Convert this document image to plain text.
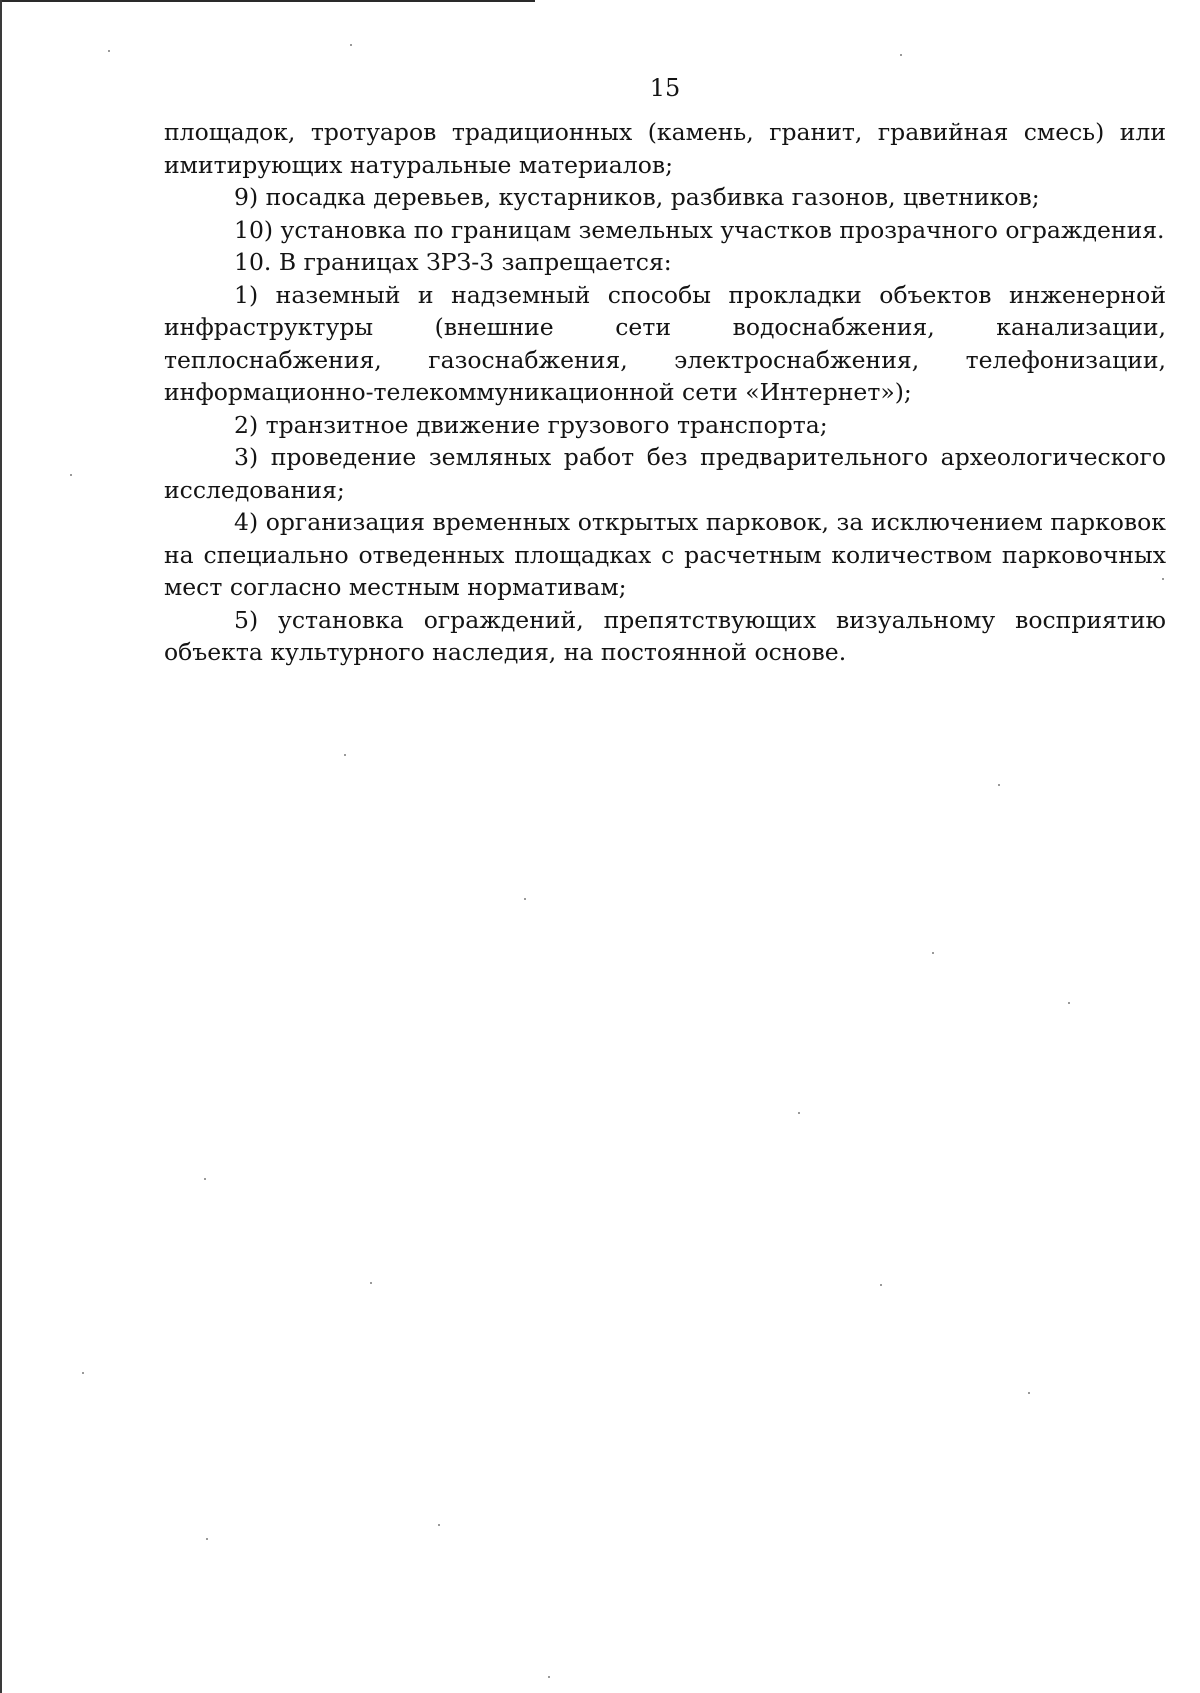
15

площадок, тротуаров традиционных (камень, гранит, гравийная смесь) или имитирующих натуральные материалов;

9) посадка деревьев, кустарников, разбивка газонов, цветников;

10) установка по границам земельных участков прозрачного ограждения.

10. В границах ЗРЗ-3 запрещается:

1) наземный и надземный способы прокладки объектов инженерной инфраструктуры (внешние сети водоснабжения, канализации, теплоснабжения, газоснабжения, электроснабжения, телефонизации, информационно-телекоммуникационной сети «Интернет»);

2) транзитное движение грузового транспорта;

3) проведение земляных работ без предварительного археологического исследования;

4) организация временных открытых парковок, за исключением парковок на специально отведенных площадках с расчетным количеством парковочных мест согласно местным нормативам;

5) установка ограждений, препятствующих визуальному восприятию объекта культурного наследия, на постоянной основе.
